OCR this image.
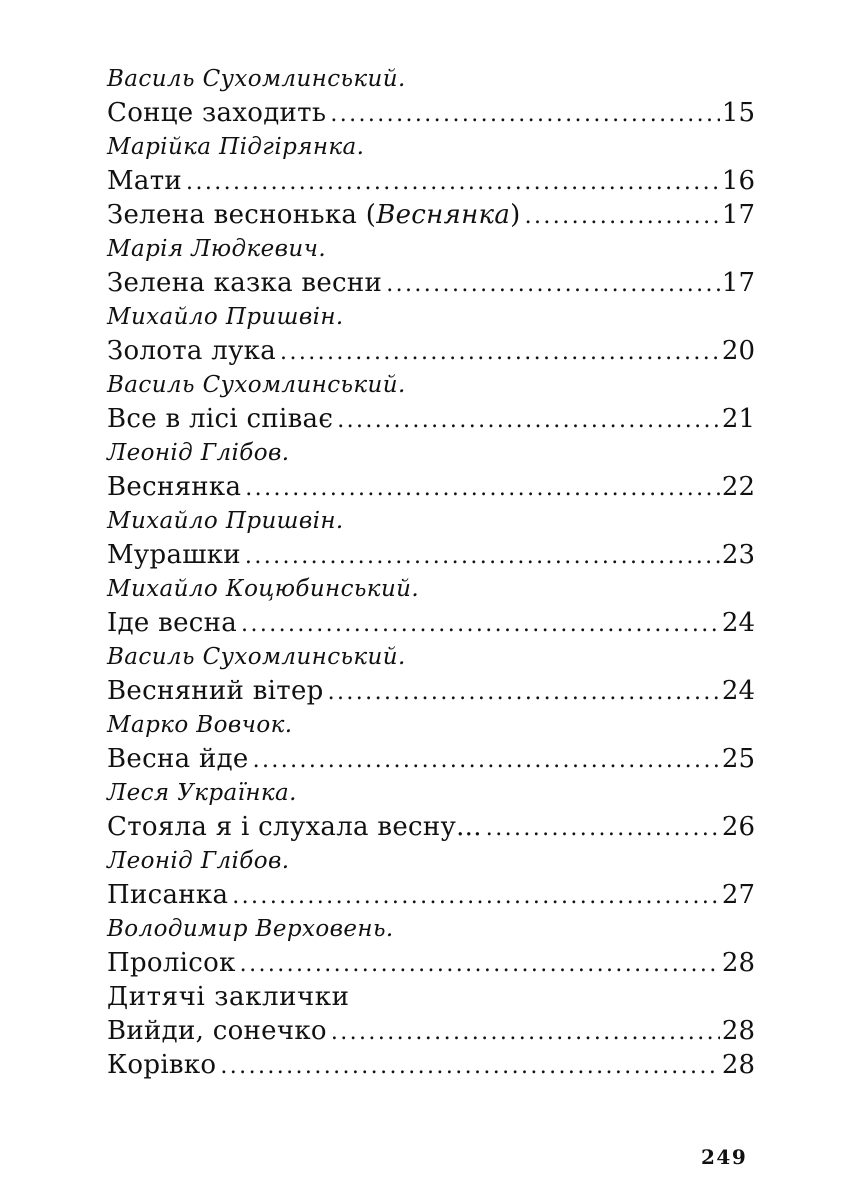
Василь Сухомлинський.
Сонце заходить .....	15
Марійка Підгірянка.
Мати .....	16
Зелена веснонька (Веснянка) .....	17
Марія Людкевич.
Зелена казка весни .....	17
Михайло Пришвін.
Золота лука .....	20
Василь Сухомлинський.
Все в лісі співає .....	21
Леонід Глібов.
Веснянка .....	22
Михайло Пришвін.
Мурашки .....	23
Михайло Коцюбинський.
Іде весна .....	24
Василь Сухомлинський.
Весняний вітер .....	24
Марко Вовчок.
Весна йде .....	25
Леся Українка.
Стояла я і слухала весну... .....	26
Леонід Глібов.
Писанка .....	27
Володимир Верховень.
Пролісок .....	28
Дитячі заклички
Вийди, сонечко .....	28
Корівко .....	28
249
